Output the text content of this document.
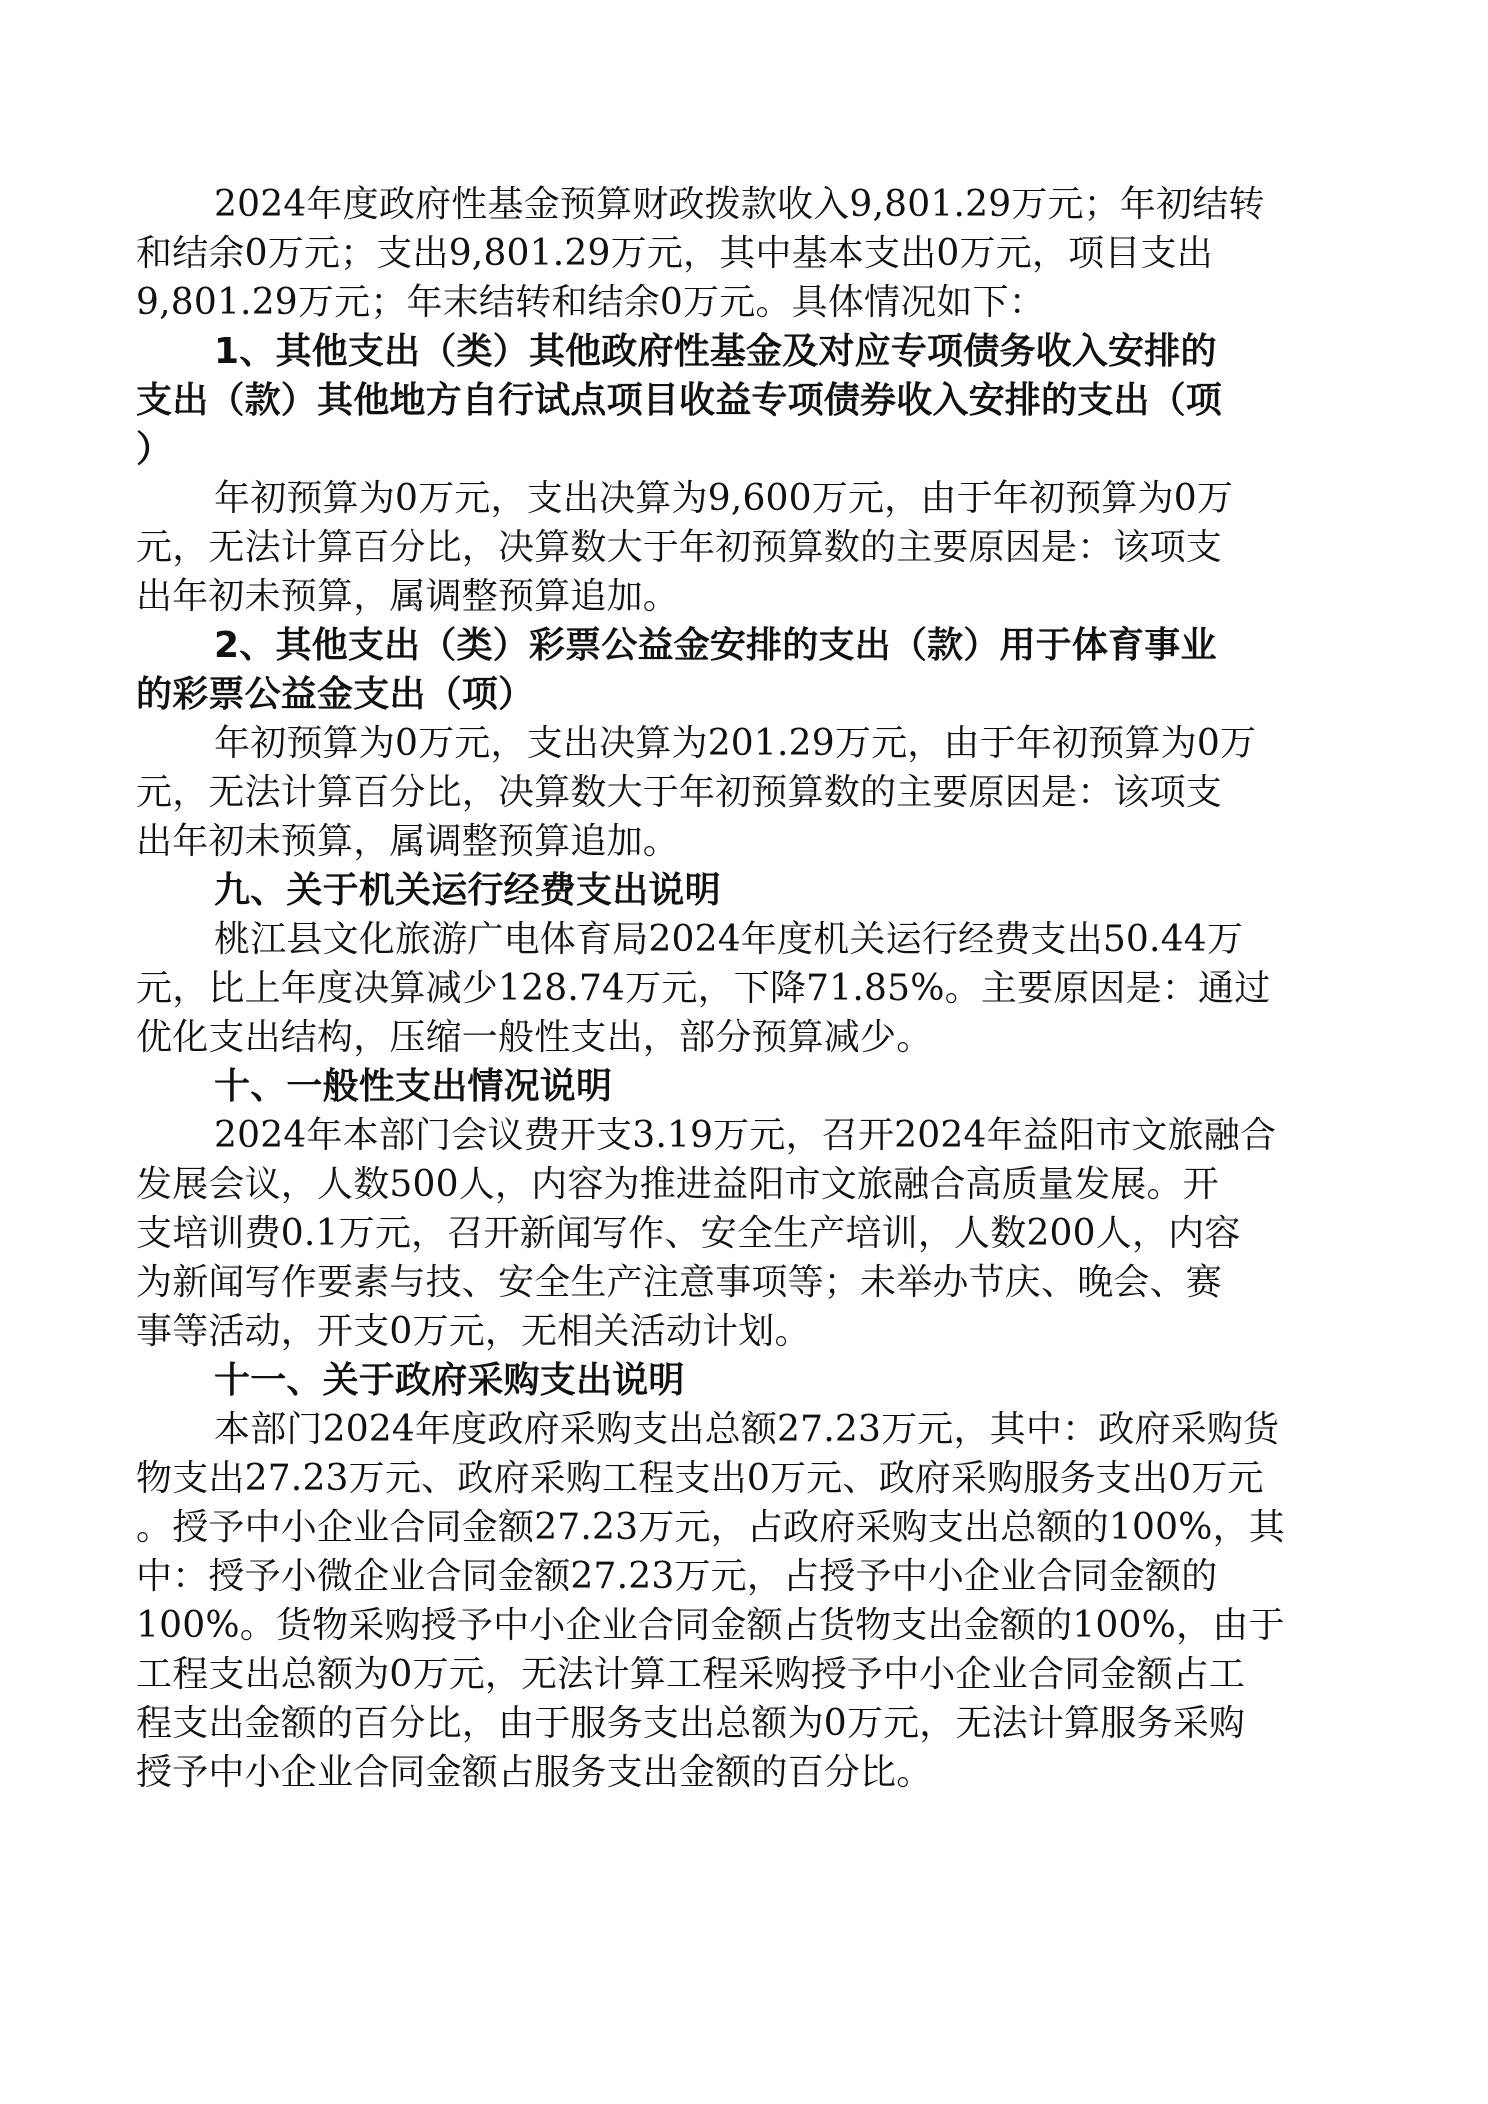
2024年度政府性基金预算财政拨款收入9,801.29万元；年初结转
和结余0万元；支出9,801.29万元，其中基本支出0万元，项目支出
9,801.29万元；年末结转和结余0万元。具体情况如下：
1、其他支出（类）其他政府性基金及对应专项债务收入安排的
支出（款）其他地方自行试点项目收益专项债券收入安排的支出（项
）
年初预算为0万元，支出决算为9,600万元，由于年初预算为0万
元，无法计算百分比，决算数大于年初预算数的主要原因是：该项支
出年初未预算，属调整预算追加。
2、其他支出（类）彩票公益金安排的支出（款）用于体育事业
的彩票公益金支出（项）
年初预算为0万元，支出决算为201.29万元，由于年初预算为0万
元，无法计算百分比，决算数大于年初预算数的主要原因是：该项支
出年初未预算，属调整预算追加。
九、关于机关运行经费支出说明
桃江县文化旅游广电体育局2024年度机关运行经费支出50.44万
元，比上年度决算减少128.74万元，下降71.85%。主要原因是：通过
优化支出结构，压缩一般性支出，部分预算减少。
十、一般性支出情况说明
2024年本部门会议费开支3.19万元，召开2024年益阳市文旅融合
发展会议，人数500人，内容为推进益阳市文旅融合高质量发展。开
支培训费0.1万元，召开新闻写作、安全生产培训，人数200人，内容
为新闻写作要素与技、安全生产注意事项等；未举办节庆、晚会、赛
事等活动，开支0万元，无相关活动计划。
十一、关于政府采购支出说明
本部门2024年度政府采购支出总额27.23万元，其中：政府采购货
物支出27.23万元、政府采购工程支出0万元、政府采购服务支出0万元
。授予中小企业合同金额27.23万元，占政府采购支出总额的100%，其
中：授予小微企业合同金额27.23万元，占授予中小企业合同金额的
100%。货物采购授予中小企业合同金额占货物支出金额的100%，由于
工程支出总额为0万元，无法计算工程采购授予中小企业合同金额占工
程支出金额的百分比，由于服务支出总额为0万元，无法计算服务采购
授予中小企业合同金额占服务支出金额的百分比。
